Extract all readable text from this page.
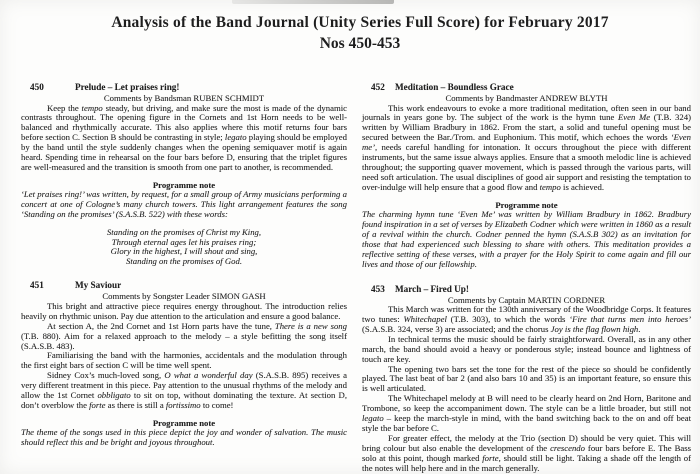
Analysis of the Band Journal (Unity Series Full Score) for February 2017
Nos 450-453
450	Prelude – Let praises ring!
Comments by Bandsman RUBEN SCHMIDT

Keep the tempo steady, but driving, and make sure the most is made of the dynamic contrasts throughout. The opening figure in the Cornets and 1st Horn needs to be well-balanced and rhythmically accurate. This also applies where this motif returns four bars before section C. Section B should be contrasting in style; legato playing should be employed by the band until the style suddenly changes when the opening semiquaver motif is again heard. Spending time in rehearsal on the four bars before D, ensuring that the triplet figures are well-measured and the transition is smooth from one part to another, is recommended.

Programme note

‘Let praises ring!’ was written, by request, for a small group of Army musicians performing a concert at one of Cologne’s many church towers. This light arrangement features the song ‘Standing on the promises’ (S.A.S.B. 522) with these words:

Standing on the promises of Christ my King,
Through eternal ages let his praises ring;
Glory in the highest, I will shout and sing,
Standing on the promises of God.
451	My Saviour
Comments by Songster Leader SIMON GASH

This bright and attractive piece requires energy throughout. The introduction relies heavily on rhythmic unison. Pay due attention to the articulation and ensure a good balance.

At section A, the 2nd Cornet and 1st Horn parts have the tune, There is a new song (T.B. 880). Aim for a relaxed approach to the melody – a style befitting the song itself (S.A.S.B. 483).

Familiarising the band with the harmonies, accidentals and the modulation through the first eight bars of section C will be time well spent.

Sidney Cox’s much-loved song, O what a wonderful day (S.A.S.B. 895) receives a very different treatment in this piece. Pay attention to the unusual rhythms of the melody and allow the 1st Cornet obbligato to sit on top, without dominating the texture. At section D, don’t overblow the forte as there is still a fortissimo to come!

Programme note

The theme of the songs used in this piece depict the joy and wonder of salvation. The music should reflect this and be bright and joyous throughout.

452 Meditation – Boundless Grace
Comments by Bandmaster ANDREW BLYTH

This work endeavours to evoke a more traditional meditation, often seen in our band journals in years gone by. The subject of the work is the hymn tune Even Me (T.B. 324) written by William Bradbury in 1862. From the start, a solid and tuneful opening must be secured between the Bar./Trom. and Euphonium. This motif, which echoes the words ‘Even me’, needs careful handling for intonation. It occurs throughout the piece with different instruments, but the same issue always applies. Ensure that a smooth melodic line is achieved throughout; the supporting quaver movement, which is passed through the various parts, will need soft articulation. The usual disciplines of good air support and resisting the temptation to over-indulge will help ensure that a good flow and tempo is achieved.

Programme note

The charming hymn tune ‘Even Me’ was written by William Bradbury in 1862. Bradbury found inspiration in a set of verses by Elizabeth Codner which were written in 1860 as a result of a revival within the church. Codner penned the hymn (S.A.S.B 302) as an invitation for those that had experienced such blessing to share with others. This meditation provides a reflective setting of these verses, with a prayer for the Holy Spirit to come again and fill our lives and those of our fellowship.

453 March – Fired Up!
Comments by Captain MARTIN CORDNER

This March was written for the 130th anniversary of the Woodbridge Corps. It features two tunes: Whitechapel (T.B. 303), to which the words ‘Fire that turns men into heroes’ (S.A.S.B. 324, verse 3) are associated; and the chorus Joy is the flag flown high.

In technical terms the music should be fairly straightforward. Overall, as in any other march, the band should avoid a heavy or ponderous style; instead bounce and lightness of touch are key.

The opening two bars set the tone for the rest of the piece so should be confidently played. The last beat of bar 2 (and also bars 10 and 35) is an important feature, so ensure this is well articulated.

The Whitechapel melody at B will need to be clearly heard on 2nd Horn, Baritone and Trombone, so keep the accompaniment down. The style can be a little broader, but still not legato – keep the march-style in mind, with the band switching back to the on and off beat style the bar before C.

For greater effect, the melody at the Trio (section D) should be very quiet. This will bring colour but also enable the development of the crescendo four bars before E. The Bass solo at this point, though marked forte, should still be light. Taking a shade off the length of the notes will help here and in the march generally.
